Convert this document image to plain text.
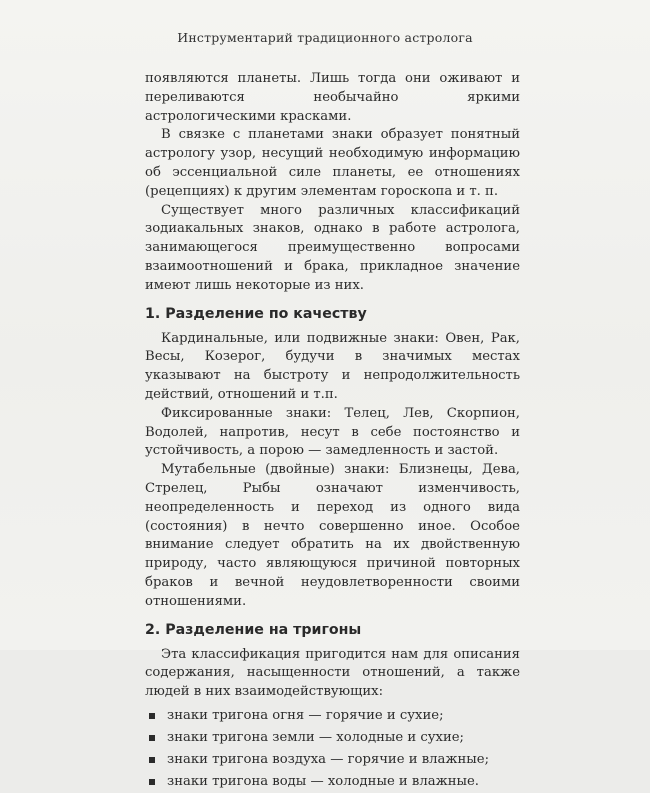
Инструментарий традиционного астролога

появляются планеты. Лишь тогда они оживают и переливаются необычайно яркими астрологическими красками.

В связке с планетами знаки образует понятный астрологу узор, несущий необходимую информацию об эссенциальной силе планеты, ее отношениях (рецепциях) к другим элементам гороскопа и т. п.

Существует много различных классификаций зодиакальных знаков, однако в работе астролога, занимающегося преимущественно вопросами взаимоотношений и брака, прикладное значение имеют лишь некоторые из них.

1. Разделение по качеству

Кардинальные, или подвижные знаки: Овен, Рак, Весы, Козерог, будучи в значимых местах указывают на быстроту и непродолжительность действий, отношений и т.п.

Фиксированные знаки: Телец, Лев, Скорпион, Водолей, напротив, несут в себе постоянство и устойчивость, а порою — замедленность и застой.

Мутабельные (двойные) знаки: Близнецы, Дева, Стрелец, Рыбы означают изменчивость, неопределенность и переход из одного вида (состояния) в нечто совершенно иное. Особое внимание следует обратить на их двойственную природу, часто являющуюся причиной повторных браков и вечной неудовлетворенности своими отношениями.

2. Разделение на тригоны

Эта классификация пригодится нам для описания содержания, насыщенности отношений, а также людей в них взаимодействующих:

знаки тригона огня — горячие и сухие;
знаки тригона земли — холодные и сухие;
знаки тригона воздуха — горячие и влажные;
знаки тригона воды — холодные и влажные.
